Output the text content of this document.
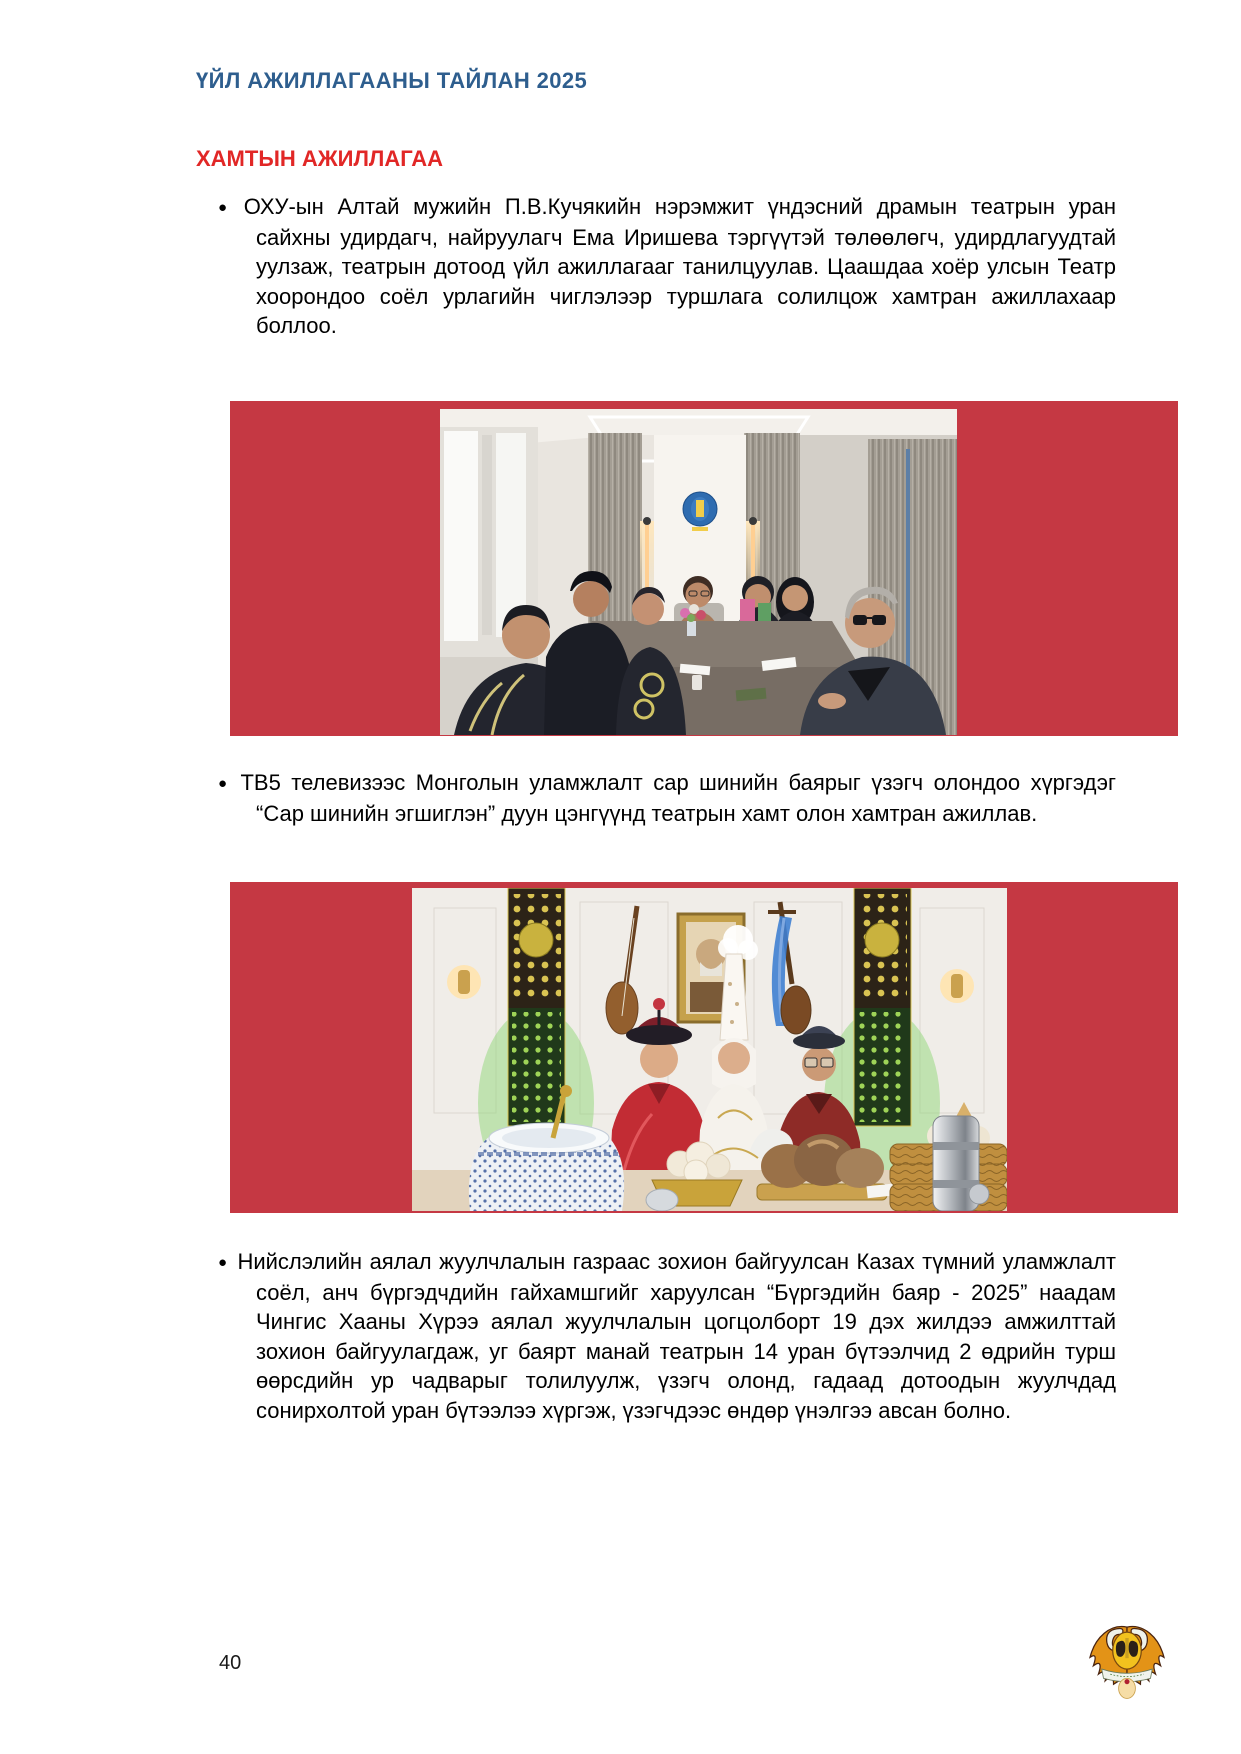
ҮЙЛ АЖИЛЛАГААНЫ ТАЙЛАН 2025
ХАМТЫН АЖИЛЛАГАА
● ОХУ-ын Алтай мужийн П.В.Кучякийн нэрэмжит үндэсний драмын театрын уран сайхны удирдагч, найруулагч Ема Иришева тэргүүтэй төлөөлөгч, удирдлагуудтай уулзаж, театрын дотоод үйл ажиллагааг танилцуулав. Цаашдаа хоёр улсын Театр хоорондоо соёл урлагийн чиглэлээр туршлага солилцож хамтран ажиллахаар боллоо.
● ТВ5 телевизээс Монголын уламжлалт сар шинийн баярыг үзэгч олондоо хүргэдэг “Сар шинийн эгшиглэн” дуун цэнгүүнд театрын хамт олон хамтран ажиллав.
● Нийслэлийн аялал жуулчлалын газраас зохион байгуулсан Казах түмний уламжлалт соёл, анч бүргэдчдийн гайхамшгийг харуулсан “Бүргэдийн баяр - 2025” наадам Чингис Хааны Хүрээ аялал жуулчлалын цогцолборт 19 дэх жилдээ амжилттай зохион байгуулагдаж, уг баярт манай театрын 14 уран бүтээлчид 2 өдрийн турш өөрсдийн ур чадварыг толилуулж, үзэгч олонд, гадаад дотоодын жуулчдад сонирхолтой уран бүтээлээ хүргэж, үзэгчдээс өндөр үнэлгээ авсан болно.
40
